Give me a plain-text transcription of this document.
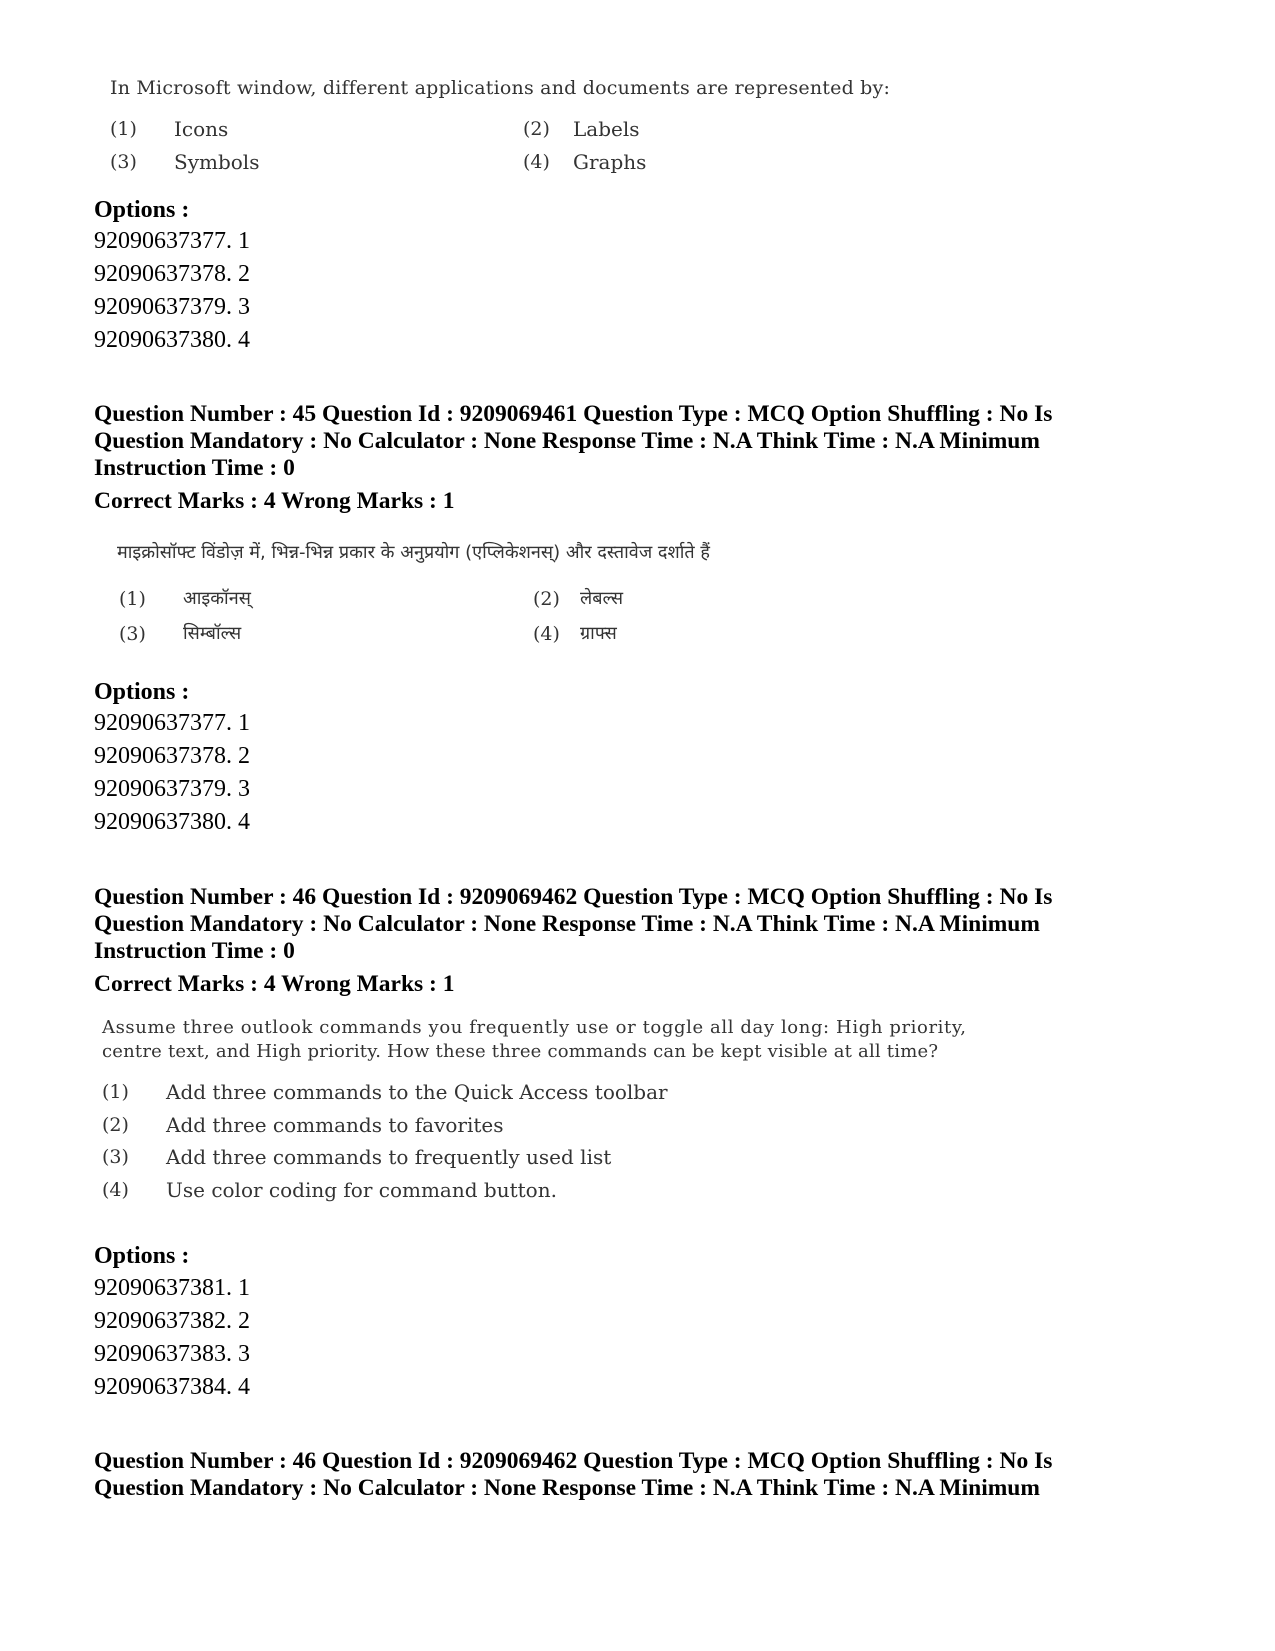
In Microsoft window, different applications and documents are represented by:
(1) Icons	(2) Labels
(3) Symbols	(4) Graphs
Options :
92090637377. 1
92090637378. 2
92090637379. 3
92090637380. 4
Question Number : 45 Question Id : 9209069461 Question Type : MCQ Option Shuffling : No Is
Question Mandatory : No Calculator : None Response Time : N.A Think Time : N.A Minimum
Instruction Time : 0
Correct Marks : 4 Wrong Marks : 1
माइक्रोसॉफ्ट विंडोज़ में, भिन्न-भिन्न प्रकार के अनुप्रयोग (एप्लिकेशनस्) और दस्तावेज दर्शाते हैं
(1) आइकॉनस्	(2) लेबल्स
(3) सिम्बॉल्स	(4) ग्राफ्स
Options :
92090637377. 1
92090637378. 2
92090637379. 3
92090637380. 4
Question Number : 46 Question Id : 9209069462 Question Type : MCQ Option Shuffling : No Is
Question Mandatory : No Calculator : None Response Time : N.A Think Time : N.A Minimum
Instruction Time : 0
Correct Marks : 4 Wrong Marks : 1
Assume three outlook commands you frequently use or toggle all day long: High priority,
centre text, and High priority. How these three commands can be kept visible at all time?
(1) Add three commands to the Quick Access toolbar
(2) Add three commands to favorites
(3) Add three commands to frequently used list
(4) Use color coding for command button.
Options :
92090637381. 1
92090637382. 2
92090637383. 3
92090637384. 4
Question Number : 46 Question Id : 9209069462 Question Type : MCQ Option Shuffling : No Is
Question Mandatory : No Calculator : None Response Time : N.A Think Time : N.A Minimum
